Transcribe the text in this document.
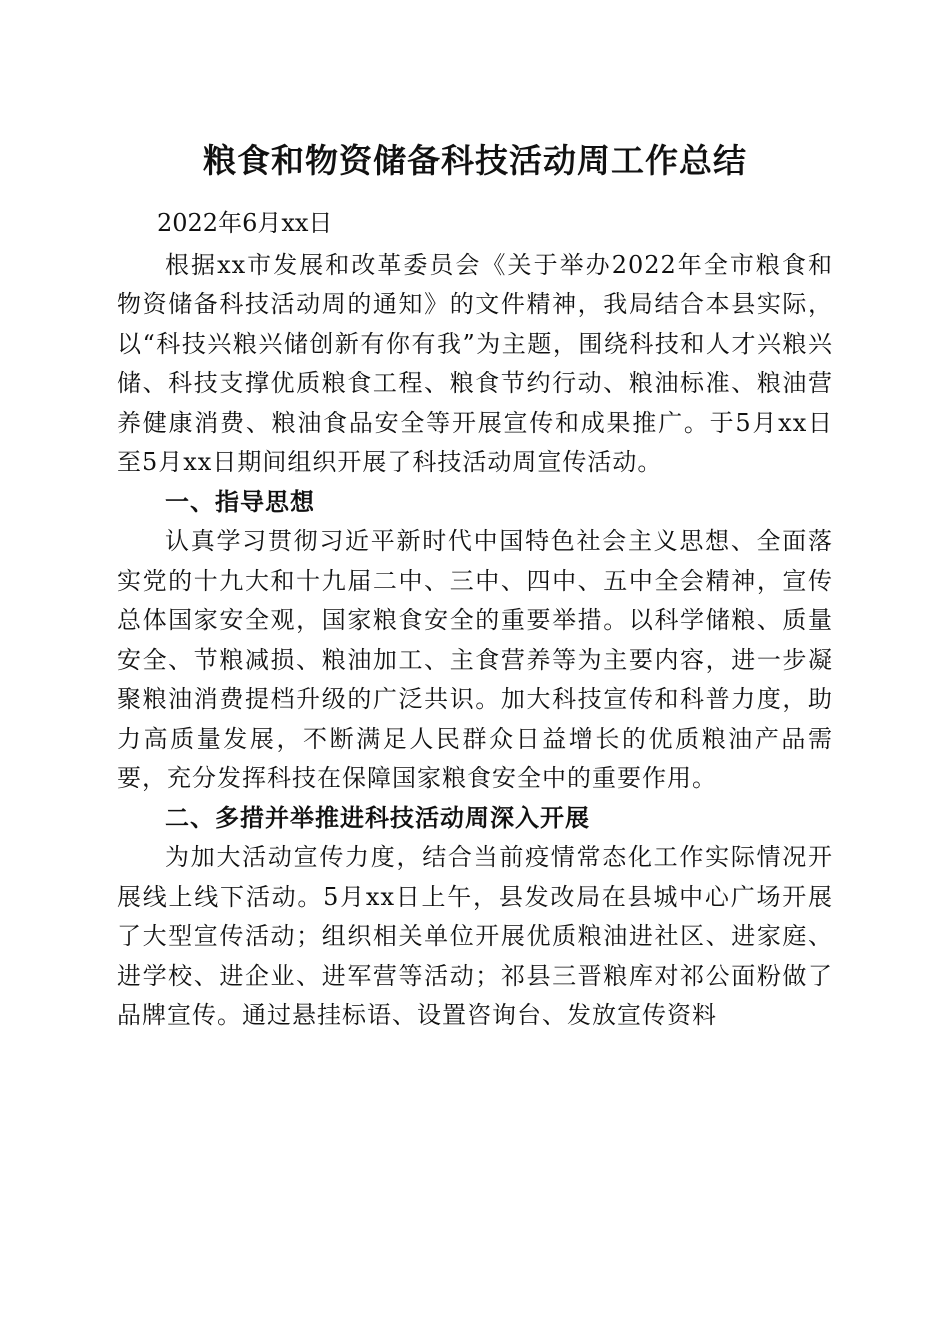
粮食和物资储备科技活动周工作总结

2022年6月xx日

根据xx市发展和改革委员会《关于举办2022年全市粮食和物资储备科技活动周的通知》的文件精神，我局结合本县实际，以“科技兴粮兴储创新有你有我”为主题，围绕科技和人才兴粮兴储、科技支撑优质粮食工程、粮食节约行动、粮油标准、粮油营养健康消费、粮油食品安全等开展宣传和成果推广。于5月xx日至5月xx日期间组织开展了科技活动周宣传活动。

一、指导思想

认真学习贯彻习近平新时代中国特色社会主义思想、全面落实党的十九大和十九届二中、三中、四中、五中全会精神，宣传总体国家安全观，国家粮食安全的重要举措。以科学储粮、质量安全、节粮减损、粮油加工、主食营养等为主要内容，进一步凝聚粮油消费提档升级的广泛共识。加大科技宣传和科普力度，助力高质量发展，不断满足人民群众日益增长的优质粮油产品需要，充分发挥科技在保障国家粮食安全中的重要作用。

二、多措并举推进科技活动周深入开展

为加大活动宣传力度，结合当前疫情常态化工作实际情况开展线上线下活动。5月xx日上午，县发改局在县城中心广场开展了大型宣传活动；组织相关单位开展优质粮油进社区、进家庭、进学校、进企业、进军营等活动；祁县三晋粮库对祁公面粉做了品牌宣传。通过悬挂标语、设置咨询台、发放宣传资料
